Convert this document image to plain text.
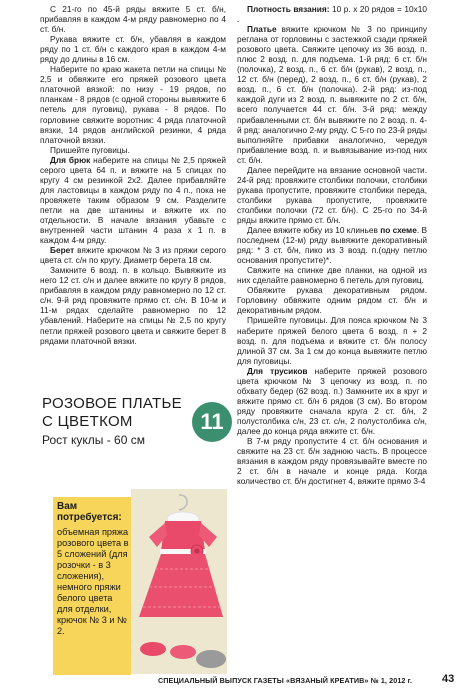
С 21-го по 45-й ряды вяжите 5 ст. б/н, прибавляя в каждом 4-м ряду равномерно по 4 ст. б/н.

Рукава вяжите ст. б/н, убавляя в каждом ряду по 1 ст. б/н с каждого края в каждом 4-м ряду до длины в 16 см.

Наберите по краю жакета петли на спицы № 2,5 и обвяжите его пряжей розового цвета платочной вязкой: по низу - 19 рядов, по планкам - 8 рядов (с одной стороны вывяжите 6 петель для пуговиц), рукава - 8 рядов. По горловине свяжите воротник: 4 ряда платочной вязки, 14 рядов английской резинки, 4 ряда платочной вязки.

Пришейте пуговицы.

Для брюк наберите на спицы № 2,5 пряжей серого цвета 64 п. и вяжите на 5 спицах по кругу 4 см резинкой 2х2. Далее прибавляйте для ластовицы в каждом ряду по 4 п., пока не провяжете таким образом 9 см. Разделите петли на две штанины и вяжите их по отдельности. В начале вязания убавьте с внутренней части штанин 4 раза х 1 п. в каждом 4-м ряду.

Берет вяжите крючком № 3 из пряжи серого цвета ст. с/н по кругу. Диаметр берета 18 см.

Замкните 6 возд. п. в кольцо. Вывяжите из него 12 ст. с/н и далее вяжите по кругу 8 рядов, прибавляя в каждом ряду равномерно по 12 ст. с/н. 9-й ряд провяжите прямо ст. с/н. В 10-м и 11-м рядах сделайте равномерно по 12 убавлений. Наберите на спицы № 2,5 по кругу петли пряжей розового цвета и свяжите берет 8 рядами платочной вязки.

РОЗОВОЕ ПЛАТЬЕ
С ЦВЕТКОМ
Рост куклы - 60 см
11
Вам потребуется:
объемная пряжа розового цвета в 5 сложений (для розочки - в 3 сложения), немного пряжи белого цвета для отделки, крючок № 3 и № 2.

Плотность вязания: 10 р. х 20 рядов = 10х10 .

Платье вяжите крючком № 3 по принципу реглана от горловины с застежкой сзади пряжей розового цвета. Свяжите цепочку из 36 возд. п. плюс 2 возд. п. для подъема. 1-й ряд: 6 ст. б/н (полочка), 2 возд. п., 6 ст. б/н (рукав), 2 возд. п., 12 ст. б/н (перед), 2 возд. п., 6 ст. б/н (рукав), 2 возд. п., 6 ст. б/н (полочка). 2-й ряд: из-под каждой дуги из 2 возд. п. вывяжите по 2 ст. б/н, всего получается 44 ст. б/н. 3-й ряд: между прибавленными ст. б/н вывяжите по 2 возд. п. 4-й ряд: аналогично 2-му ряду. С 5-го по 23-й ряды выполняйте прибавки аналогично, чередуя прибавление возд. п. и вывязывание из-под них ст. б/н.

Далее перейдите на вязание основной части. 24-й ряд: провяжите столбики полочки, столбики рукава пропустите, провяжите столбики переда, столбики рукава пропустите, провяжите столбики полочки (72 ст. б/н). С 25-го по 34-й ряды вяжите прямо ст. б/н.

Далее вяжите юбку из 10 клиньев по схеме. В последнем (12-м) ряду вывяжите декоративный ряд: * 3 ст. б/н, пико из 3 возд. п.(одну петлю основания пропустите)*.

Свяжите на спинке две планки, на одной из них сделайте равномерно 6 петель для пуговиц.

Обвяжите рукава декоративным рядом. Горловину обвяжите одним рядом ст. б/н и декоративным рядом.

Пришейте пуговицы. Для пояса крючком № 3 наберите пряжей белого цвета 6 возд. п + 2 возд. п. для подъема и вяжите ст. б/н полосу длиной 37 см. За 1 см до конца вывяжите петлю для пуговицы.

Для трусиков наберите пряжей розового цвета крючком № 3 цепочку из возд. п. по обхвату бедер (62 возд. п.) Замкните их в круг и вяжите прямо ст. б/н 6 рядов (3 см). Во втором ряду провяжите сначала круга 2 ст. б/н, 2 полустолбика с/н, 23 ст. с/н, 2 полустолбика с/н, далее до конца ряда вяжите ст. б/н.

В 7-м ряду пропустите 4 ст. б/н основания и свяжите на 23 ст. б/н заднюю часть. В процессе вязания в каждом ряду провязывайте вместе по 2 ст. б/н в начале и конце ряда. Когда количество ст. б/н достигнет 4, вяжите прямо 3-4

СПЕЦИАЛЬНЫЙ ВЫПУСК ГАЗЕТЫ «ВЯЗАНЫЙ КРЕАТИВ» № 1, 2012 г.	43
